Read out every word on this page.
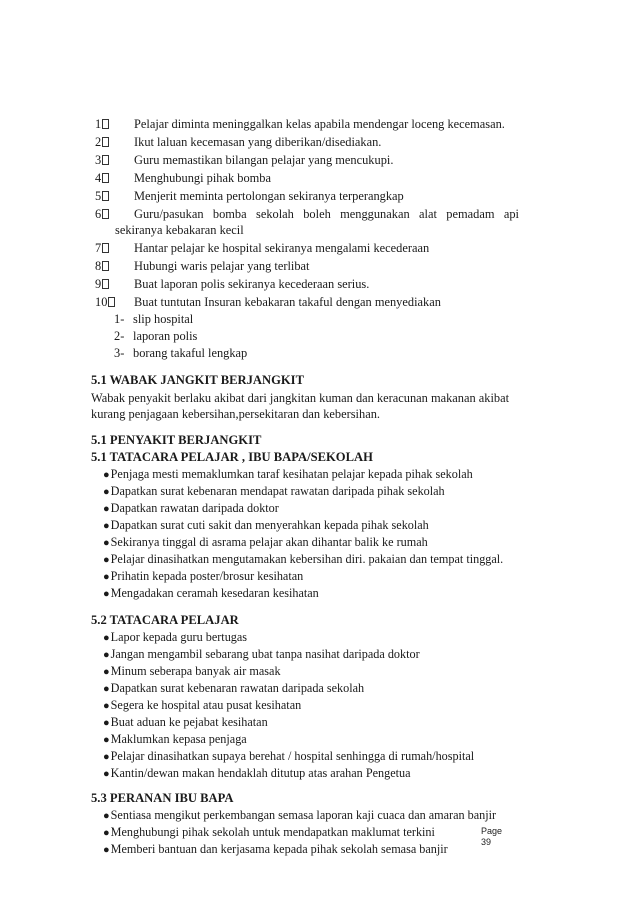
1	Pelajar diminta meninggalkan kelas apabila mendengar loceng kecemasan.
2	Ikut laluan kecemasan yang diberikan/disediakan.
3	Guru memastikan bilangan pelajar yang mencukupi.
4	Menghubungi pihak bomba
5	Menjerit meminta pertolongan sekiranya terperangkap
6	Guru/pasukan bomba sekolah boleh menggunakan alat pemadam api
sekiranya kebakaran kecil
7	Hantar pelajar ke hospital sekiranya mengalami kecederaan
8	Hubungi waris pelajar yang terlibat
9	Buat laporan polis sekiranya kecederaan serius.
10	Buat tuntutan Insuran kebakaran takaful dengan menyediakan
1- slip hospital
2- laporan polis
3- borang takaful lengkap
5.1 WABAK JANGKIT BERJANGKIT
Wabak penyakit berlaku akibat dari jangkitan kuman dan keracunan makanan akibat
kurang penjagaan kebersihan,persekitaran dan kebersihan.
5.1 PENYAKIT BERJANGKIT
5.1 TATACARA PELAJAR , IBU BAPA/SEKOLAH
●Penjaga mesti memaklumkan taraf kesihatan pelajar kepada pihak sekolah
●Dapatkan surat kebenaran mendapat rawatan daripada pihak sekolah
●Dapatkan rawatan daripada doktor
●Dapatkan surat cuti sakit dan menyerahkan kepada pihak sekolah
●Sekiranya tinggal di asrama pelajar akan dihantar balik ke rumah
●Pelajar dinasihatkan mengutamakan kebersihan diri. pakaian dan tempat tinggal.
●Prihatin kepada poster/brosur kesihatan
●Mengadakan ceramah kesedaran kesihatan
5.2 TATACARA PELAJAR
●Lapor kepada guru bertugas
●Jangan mengambil sebarang ubat tanpa nasihat daripada doktor
●Minum seberapa banyak air masak
●Dapatkan surat kebenaran rawatan daripada sekolah
●Segera ke hospital atau pusat kesihatan
●Buat aduan ke pejabat kesihatan
●Maklumkan kepasa penjaga
●Pelajar dinasihatkan supaya berehat / hospital senhingga di rumah/hospital
●Kantin/dewan makan hendaklah ditutup atas arahan Pengetua
5.3 PERANAN IBU BAPA
●Sentiasa mengikut perkembangan semasa laporan kaji cuaca dan amaran banjir
●Menghubungi pihak sekolah untuk mendapatkan maklumat terkini
●Memberi bantuan dan kerjasama kepada pihak sekolah semasa banjir
Page
39
